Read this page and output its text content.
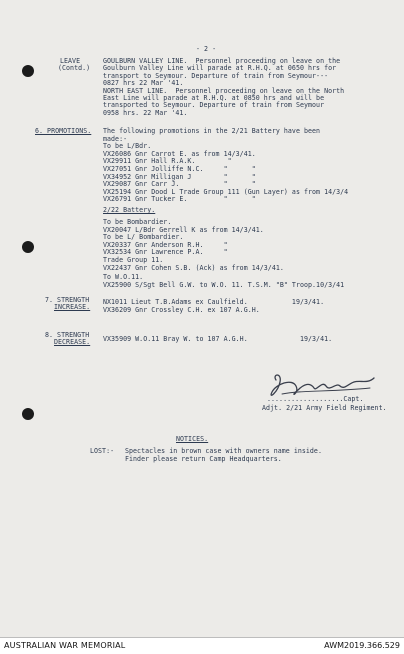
- 2 -
LEAVE
(Contd.)
GOULBURN VALLEY LINE.  Personnel proceeding on leave on the
Goulburn Valley Line will parade at R.H.Q. at 0650 hrs for
transport to Seymour. Departure of train from Seymour---
0827 hrs 22 Mar '41.
NORTH EAST LINE.  Personnel proceeding on leave on the North
East Line will parade at R.H.Q. at 0850 hrs and will be
transported to Seymour. Departure of train from Seymour
0958 hrs. 22 Mar '41.
6. PROMOTIONS. The following promotions in the 2/21 Battery have been
made:-
To be L/Bdr.
VX26086 Gnr Carrot E. as from 14/3/41.
VX29911 Gnr Hall R.A.K.        "
VX27051 Gnr Jolliffe N.C.     "      "
VX34952 Gnr Milligan J        "      "
VX29087 Gnr Carr J.           "      "
VX25194 Gnr Dood L Trade Group 111 (Gun Layer) as from 14/3/4
VX26791 Gnr Tucker E.         "      "
2/22 Battery.
To be Bombardier.
VX20047 L/Bdr Gerrell K as from 14/3/41.
To be L/ Bombardier.
VX20337 Gnr Anderson R.H.     "
VX32534 Gnr Lawrence P.A.     "
Trade Group 11.
VX22437 Gnr Cohen S.B. (Ack) as from 14/3/41.
To W.O.11.
VX25900 S/Sgt Bell G.W. to W.O. 11. T.S.M. "B" Troop.10/3/41
7. STRENGTH
INCREASE.
NX1011 Lieut T.B.Adams ex Caulfield.           19/3/41.
VX36209 Gnr Crossley C.H. ex 107 A.G.H.
8. STRENGTH
DECREASE. VX35909 W.O.11 Bray W. to 107 A.G.H.             19/3/41.
...................Capt.
Adjt. 2/21 Army Field Regiment.
NOTICES.
LOST:- Spectacles in brown case with owners name inside.
Finder please return Camp Headquarters.
AUSTRALIAN WAR MEMORIAL	AWM2019.366.529
